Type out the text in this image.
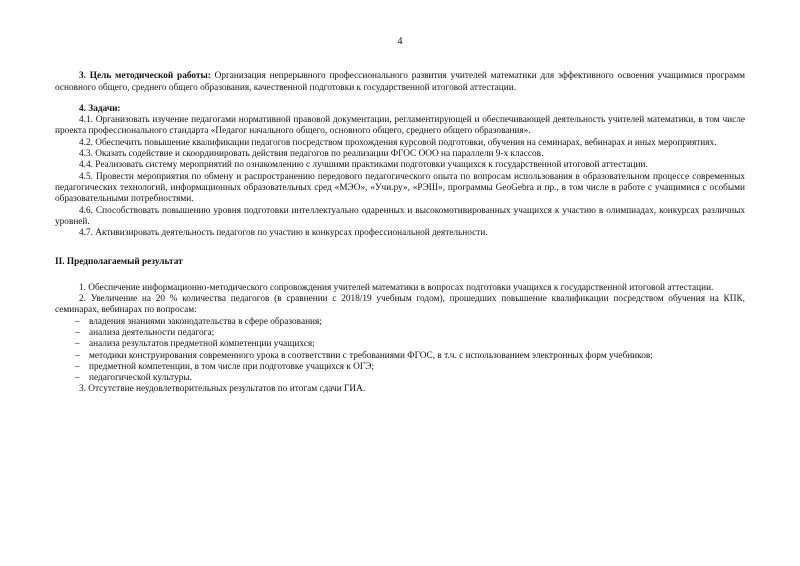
4

3. Цель методической работы: Организация непрерывного профессионального развития учителей математики для эффективного освоения учащимися программ основного общего, среднего общего образования, качественной подготовки к государственной итоговой аттестации.

4. Задачи:

4.1. Организовать изучение педагогами нормативной правовой документации, регламентирующей и обеспечивающей деятельность учителей математики, в том числе проекта профессионального стандарта «Педагог начального общего, основного общего, среднего общего образования».

4.2. Обеспечить повышение квалификации педагогов посредством прохождения курсовой подготовки, обучения на семинарах, вебинарах и иных мероприятиях.

4.3. Оказать содействие и скоординировать действия педагогов по реализации ФГОС ООО на параллели 9-х классов.

4.4. Реализовать систему мероприятий по ознакомлению с лучшими практиками подготовки учащихся к государственной итоговой аттестации.

4.5. Провести мероприятия по обмену и распространению передового педагогического опыта по вопросам использования в образовательном процессе современных педагогических технологий, информационных образовательных сред «МЭО», «Учи.ру», «РЭШ», программы GeoGebra и пр., в том числе в работе с учащимися с особыми образовательными потребностями.

4.6. Способствовать повышению уровня подготовки интеллектуально одаренных и высокомотивированных учащихся к участию в олимпиадах, конкурсах различных уровней.

4.7. Активизировать деятельность педагогов по участию в конкурсах профессиональной деятельности.

II. Предполагаемый результат

1. Обеспечение информационно-методического сопровождения учителей математики в вопросах подготовки учащихся к государственной итоговой аттестации.

2. Увеличение на 20 % количества педагогов (в сравнении с 2018/19 учебным годом), прошедших повышение квалификации посредством обучения на КПК, семинарах, вебинарах по вопросам:

– владения знаниями законодательства в сфере образования;
– анализа деятельности педагога;
– анализа результатов предметной компетенции учащихся;
– методики конструирования современного урока в соответствии с требованиями ФГОС, в т.ч. с использованием электронных форм учебников;
– предметной компетенции, в том числе при подготовке учащихся к ОГЭ;
– педагогической культуры.

3. Отсутствие неудовлетворительных результатов по итогам сдачи ГИА.
